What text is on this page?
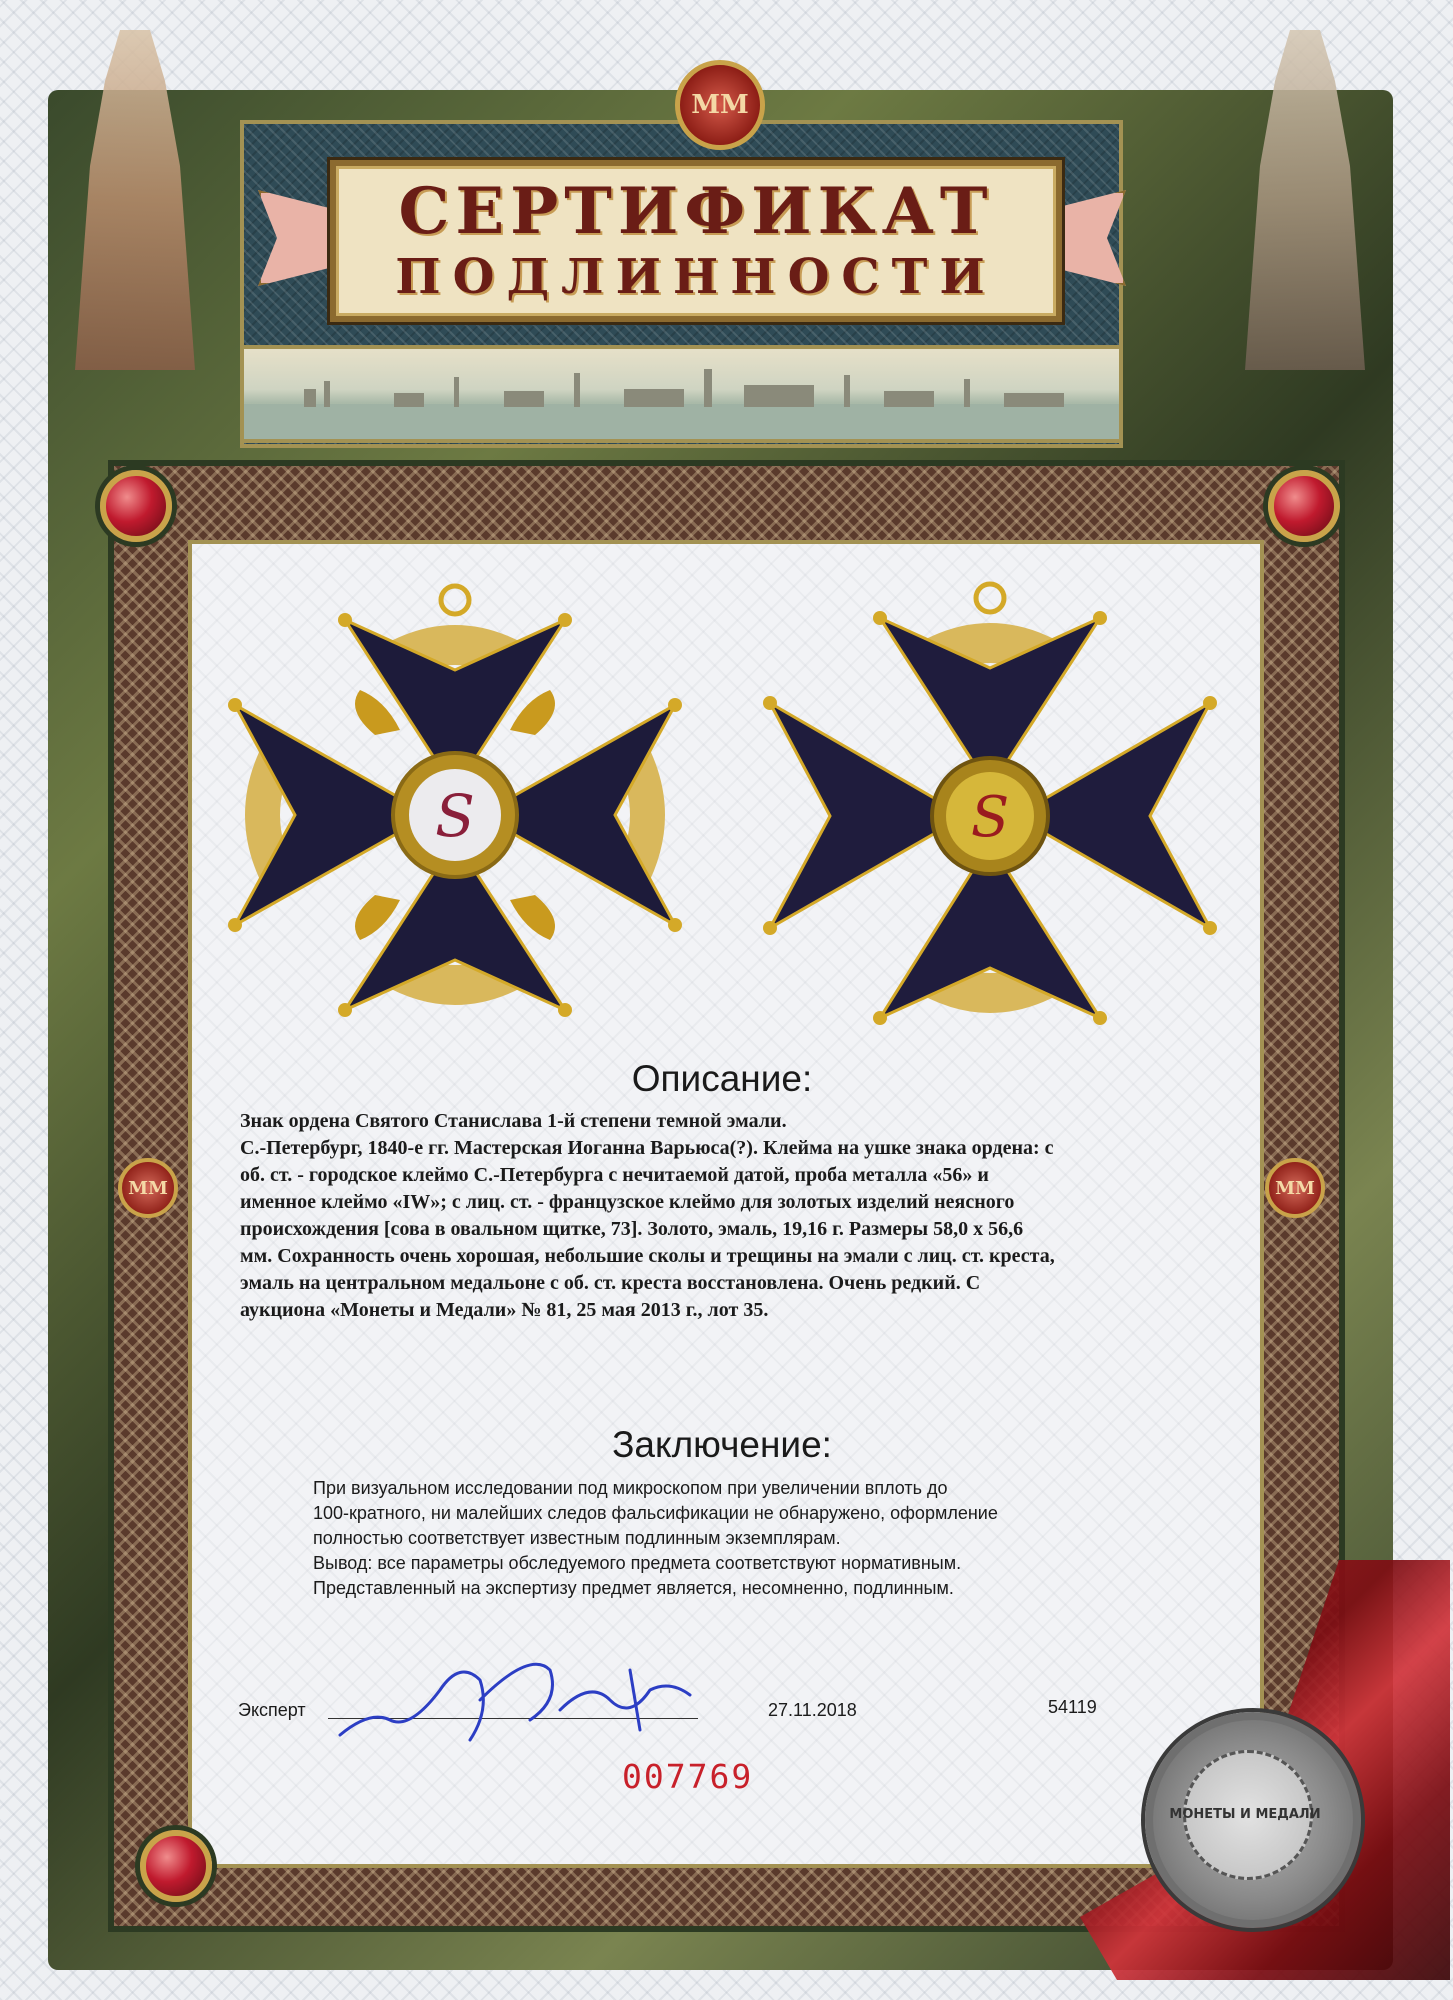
MM
СЕРТИФИКАТ
ПОДЛИННОСТИ
MM	MM
S	S
Описание:
Знак ордена Святого Станислава 1-й степени темной эмали.
С.-Петербург, 1840-е гг. Мастерская Иоганна Варьюса(?). Клейма на ушке знака ордена: с
об. ст. - городское клеймо С.-Петербурга с нечитаемой датой, проба металла «56» и
именное клеймо «IW»; с лиц. ст. - французское клеймо для золотых изделий неясного
происхождения [сова в овальном щитке, 73]. Золото, эмаль, 19,16 г. Размеры 58,0 х 56,6
мм. Сохранность очень хорошая, небольшие сколы и трещины на эмали с лиц. ст. креста,
эмаль на центральном медальоне с об. ст. креста восстановлена. Очень редкий. С
аукциона «Монеты и Медали» № 81, 25 мая 2013 г., лот 35.
Заключение:
При визуальном исследовании под микроскопом при увеличении вплоть до
100-кратного, ни малейших следов фальсификации не обнаружено, оформление
полностью соответствует известным подлинным экземплярам.
Вывод: все параметры обследуемого предмета соответствуют нормативным.
Представленный на экспертизу предмет является, несомненно, подлинным.
Эксперт	27.11.2018	54119
007769
МОНЕТЫ И МЕДАЛИ
